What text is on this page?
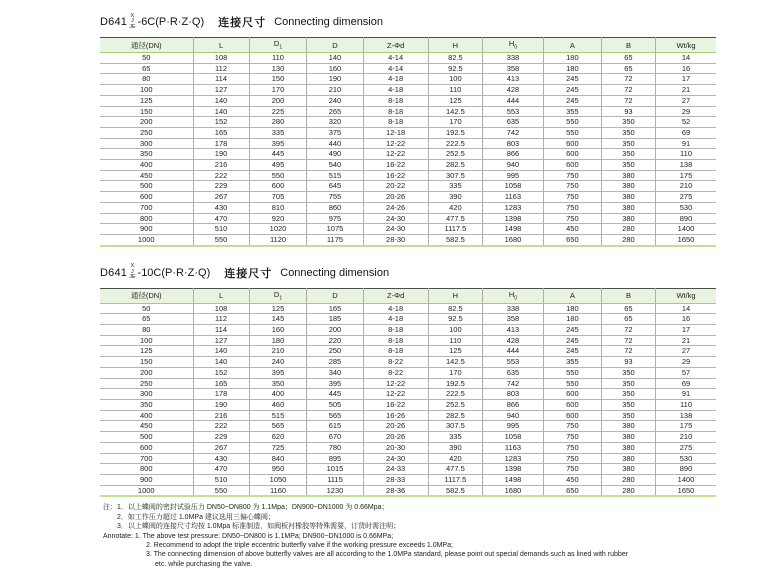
D641
X
J
JE -6C(P·R·Z·Q) 连接尺寸 Connecting dimension
通径(DN)	L	$D_1$	D	Z-Φd	H	$H_0$	A	B	Wt/kg
50	108	110	140	4-14	82.5	338	180	65	14
65	112	130	160	4-14	92.5	358	180	65	16
80	114	150	190	4-18	100	413	245	72	17
100	127	170	210	4-18	110	428	245	72	21
125	140	200	240	8-18	125	444	245	72	27
150	140	225	265	8-18	142.5	553	355	93	29
200	152	280	320	8-18	170	635	550	350	52
250	165	335	375	12-18	192.5	742	550	350	69
300	178	395	440	12-22	222.5	803	600	350	91
350	190	445	490	12-22	252.5	866	600	350	110
400	216	495	540	16-22	282.5	940	600	350	138
450	222	550	515	16-22	307.5	995	750	380	175
500	229	600	645	20-22	335	1058	750	380	210
600	267	705	755	20-26	390	1163	750	380	275
700	430	810	860	24-26	420	1283	750	380	530
800	470	920	975	24-30	477.5	1398	750	380	890
900	510	1020	1075	24-30	1117.5	1498	450	280	1400
1000	550	1120	1175	28-30	582.5	1680	650	280	1650
D641
X
J
JE -10C(P·R·Z·Q) 连接尺寸 Connecting dimension
通径(DN)	L	$D_1$	D	Z-Φd	H	$H_0$	A	B	Wt/kg
50	108	125	165	4-18	82.5	338	180	65	14
65	112	145	185	4-18	92.5	358	180	65	16
80	114	160	200	8-18	100	413	245	72	17
100	127	180	220	8-18	110	428	245	72	21
125	140	210	250	8-18	125	444	245	72	27
150	140	240	285	8-22	142.5	553	355	93	29
200	152	395	340	8-22	170	635	550	350	57
250	165	350	395	12-22	192.5	742	550	350	69
300	178	400	445	12-22	222.5	803	600	350	91
350	190	460	505	16-22	252.5	866	600	350	110
400	216	515	565	16-26	282.5	940	600	350	138
450	222	565	615	20-26	307.5	995	750	380	175
500	229	620	670	20-26	335	1058	750	380	210
600	267	725	780	20-30	390	1163	750	380	275
700	430	840	895	24-30	420	1283	750	380	530
800	470	950	1015	24-33	477.5	1398	750	380	890
900	510	1050	1115	28-33	1117.5	1498	450	280	1400
1000	550	1160	1230	28-36	582.5	1680	650	280	1650
注：1．以上蝶阀的密封试验压力 DN50~DN800 为 1.1Mpa；DN900~DN1000 为 0.66Mpa；
2．如工作压力超过 1.0MPa 建议选用三偏心蝶阀；
3．以上蝶阀的连接尺寸均按 1.0Mpa 标准制造，如阀板衬橡胶等特殊需要，订货时需注明；
Annotate: 1. The above test pressure: DN50~DN800 is 1.1MPa; DN900~DN1000 is 0.66MPa;
2. Recommend to adopt the triple eccentric butterfly valve if the working pressure exceeds 1.0MPa;
3. The connecting dimension of above butterfly valves are all according to the 1.0MPa standard, please point out special demands such as lined with rubber
etc. while purchasing the valve.
